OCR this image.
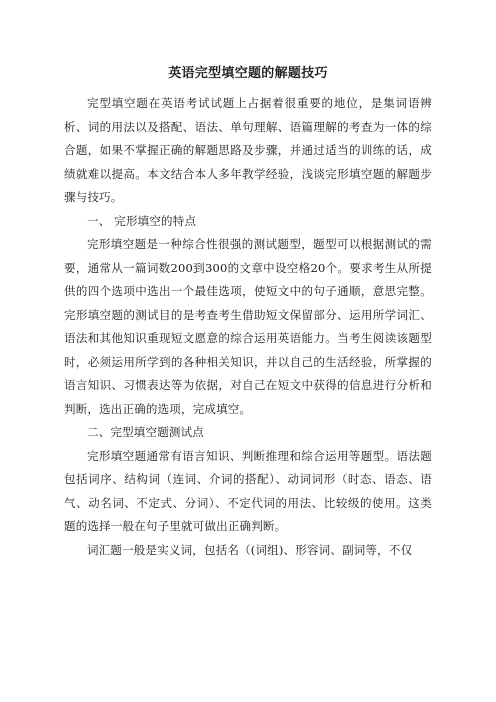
英语完型填空题的解题技巧

完型填空题在英语考试试题上占据着很重要的地位，是集词语辨析、词的用法以及搭配、语法、单句理解、语篇理解的考查为一体的综合题，如果不掌握正确的解题思路及步骤，并通过适当的训练的话，成绩就难以提高。本文结合本人多年教学经验，浅谈完形填空题的解题步骤与技巧。

一、 完形填空的特点

完形填空题是一种综合性很强的测试题型，题型可以根据测试的需要，通常从一篇词数200到300的文章中设空格20个。要求考生从所提供的四个选项中选出一个最佳选项，使短文中的句子通顺，意思完整。完形填空题的测试目的是考查考生借助短文保留部分、运用所学词汇、语法和其他知识重现短文愿意的综合运用英语能力。当考生阅读该题型时，必须运用所学到的各种相关知识，并以自己的生活经验，所掌握的语言知识、习惯表达等为依据，对自己在短文中获得的信息进行分析和判断，选出正确的选项，完成填空。

二、完型填空题测试点

完形填空题通常有语言知识、判断推理和综合运用等题型。语法题包括词序、结构词（连词、介词的搭配）、动词词形（时态、语态、语气、动名词、不定式、分词）、不定代词的用法、比较级的使用。这类题的选择一般在句子里就可做出正确判断。

词汇题一般是实义词，包括名（(词组)、形容词、副词等，不仅
